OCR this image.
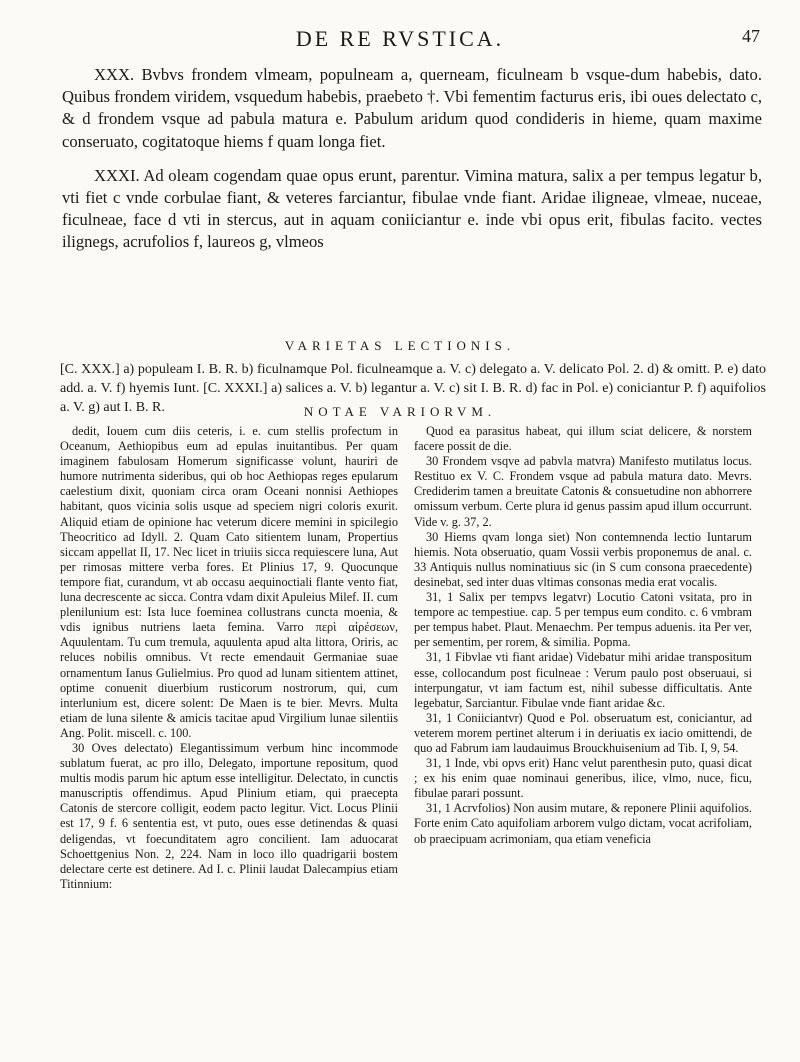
DE RE RVSTICA.	47

XXX. Bvbvs frondem vlmeam, populneam a, querneam, ficulneam b vsque-dum habebis, dato. Quibus frondem viridem, vsquedum habebis, praebeto †. Vbi fementim facturus eris, ibi oues delectato c, & d frondem vsque ad pabula matura e. Pabulum aridum quod condideris in hieme, quam maxime conseruato, cogitatoque hiems f quam longa fiet.

XXXI. Ad oleam cogendam quae opus erunt, parentur. Vimina matura, salix a per tempus legatur b, vti fiet c vnde corbulae fiant, & veteres farciantur, fibulae vnde fiant. Aridae iligneae, vlmeae, nuceae, ficulneae, face d vti in stercus, aut in aquam coniiciantur e. inde vbi opus erit, fibulas facito. vectes ilignegs, acrufolios f, laureos g, vlmeos

VARIETAS LECTIONIS.

[C. XXX.] a) populeam I. B. R. b) ficulnamque Pol. ficulneamque a. V. c) delegato a. V. delicato Pol. 2. d) & omitt. P. e) dato add. a. V. f) hyemis Iunt. [C. XXXI.] a) salices a. V. b) legantur a. V. c) sit I. B. R. d) fac in Pol. e) coniciantur P. f) aquifolios a. V. g) aut I. B. R.	NOTAE VARIORVM.

dedit, Iouem cum diis ceteris, i. e. cum stellis profectum in Oceanum, Aethiopibus eum ad epulas inuitantibus. Per quam imaginem fabulosam Homerum significasse volunt, hauriri de humore nutrimenta sideribus, qui ob hoc Aethiopas reges epularum caelestium dixit, quoniam circa oram Oceani nonnisi Aethiopes habitant, quos vicinia solis usque ad speciem nigri coloris exurit. Aliquid etiam de opinione hac veterum dicere memini in spicilegio Theocritico ad Idyll. 2. Quam Cato sitientem lunam, Propertius siccam appellat II, 17. Nec licet in triuiis sicca requiescere luna, Aut per rimosas mittere verba fores. Et Plinius 17, 9. Quocunque tempore fiat, curandum, vt ab occasu aequinoctiali flante vento fiat, luna decrescente ac sicca. Contra vdam dixit Apuleius Milef. II. cum plenilunium est: Ista luce foeminea collustrans cuncta moenia, & vdis ignibus nutriens laeta femina. Varro περὶ αἱρέσεων, Aquulentam. Tu cum tremula, aquulenta apud alta littora, Oriris, ac reluces nobilis omnibus. Vt recte emendauit Germaniae suae ornamentum Ianus Gulielmius. Pro quod ad lunam sitientem attinet, optime conuenit diuerbium rusticorum nostrorum, qui, cum interlunium est, dicere solent: De Maen is te bier. Mevrs. Multa etiam de luna silente & amicis tacitae apud Virgilium lunae silentiis Ang. Polit. miscell. c. 100.

30 Oves delectato) Elegantissimum verbum hinc incommode sublatum fuerat, ac pro illo, Delegato, importune repositum, quod multis modis parum hic aptum esse intelligitur. Delectato, in cunctis manuscriptis offendimus. Apud Plinium etiam, qui praecepta Catonis de stercore colligit, eodem pacto legitur. Vict. Locus Plinii est 17, 9 f. 6 sententia est, vt puto, oues esse detinendas & quasi deligendas, vt foecunditatem agro concilient. Iam aduocarat Schoettgenius Non. 2, 224. Nam in loco illo quadrigarii bostem delectare certe est detinere. Ad I. c. Plinii laudat Dalecampius etiam Titinnium:

Quod ea parasitus habeat, qui illum sciat delicere, & norstem facere possit de die.

30 Frondem vsqve ad pabvla matvra) Manifesto mutilatus locus. Restituo ex V. C. Frondem vsque ad pabula matura dato. Mevrs. Crediderim tamen a breuitate Catonis & consuetudine non abhorrere omissum verbum. Certe plura id genus passim apud illum occurrunt. Vide v. g. 37, 2.

30 Hiems qvam longa siet) Non contemnenda lectio Iuntarum hiemis. Nota obseruatio, quam Vossii verbis proponemus de anal. c. 33 Antiquis nullus nominatiuus sic (in S cum consona praecedente) desinebat, sed inter duas vltimas consonas media erat vocalis.

31, 1 Salix per tempvs legatvr) Locutio Catoni vsitata, pro in tempore ac tempestiue. cap. 5 per tempus eum condito. c. 6 vmbram per tempus habet. Plaut. Menaechm. Per tempus aduenis. ita Per ver, per sementim, per rorem, & similia. Popma.

31, 1 Fibvlae vti fiant aridae) Videbatur mihi aridae transpositum esse, collocandum post ficulneae : Verum paulo post obseruaui, si interpungatur, vt iam factum est, nihil subesse difficultatis. Ante legebatur, Sarciantur. Fibulae vnde fiant aridae &c.

31, 1 Coniiciantvr) Quod e Pol. obseruatum est, coniciantur, ad veterem morem pertinet alterum i in deriuatis ex iacio omittendi, de quo ad Fabrum iam laudauimus Brouckhuisenium ad Tib. I, 9, 54.

31, 1 Inde, vbi opvs erit) Hanc velut parenthesin puto, quasi dicat ; ex his enim quae nominaui generibus, ilice, vlmo, nuce, ficu, fibulae parari possunt.

31, 1 Acrvfolios) Non ausim mutare, & reponere Plinii aquifolios. Forte enim Cato aquifoliam arborem vulgo dictam, vocat acrifoliam, ob praecipuam acrimoniam, qua etiam veneficia
